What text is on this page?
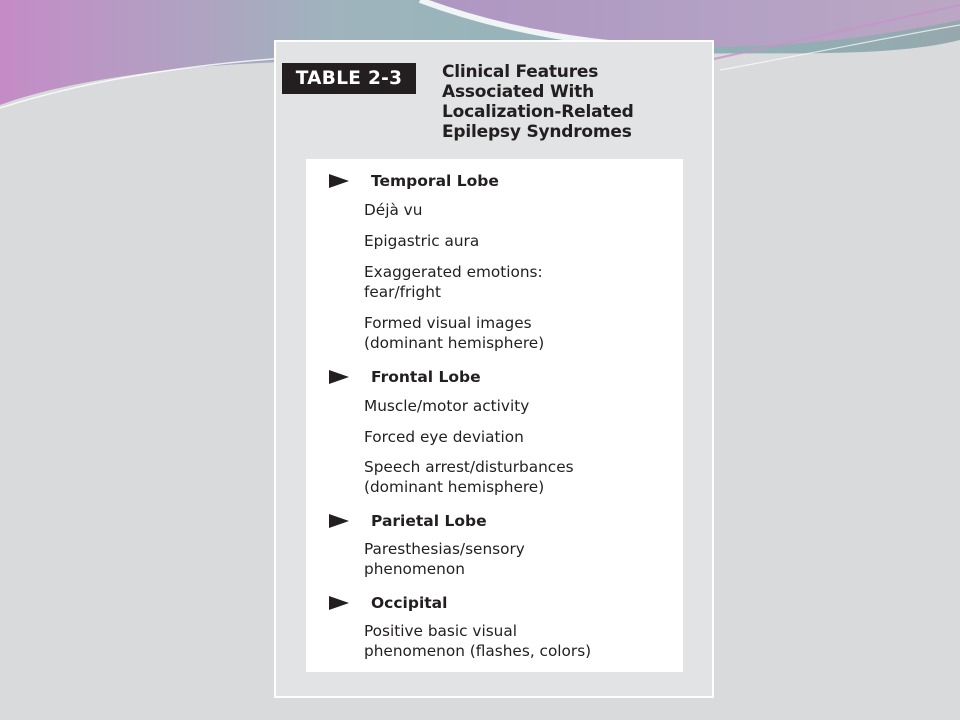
TABLE 2-3	Clinical Features
Associated With
Localization-Related
Epilepsy Syndromes
Temporal Lobe
Déjà vu
Epigastric aura
Exaggerated emotions:
fear/fright
Formed visual images
(dominant hemisphere)
Frontal Lobe
Muscle/motor activity
Forced eye deviation
Speech arrest/disturbances
(dominant hemisphere)
Parietal Lobe
Paresthesias/sensory
phenomenon
Occipital
Positive basic visual
phenomenon (flashes, colors)
